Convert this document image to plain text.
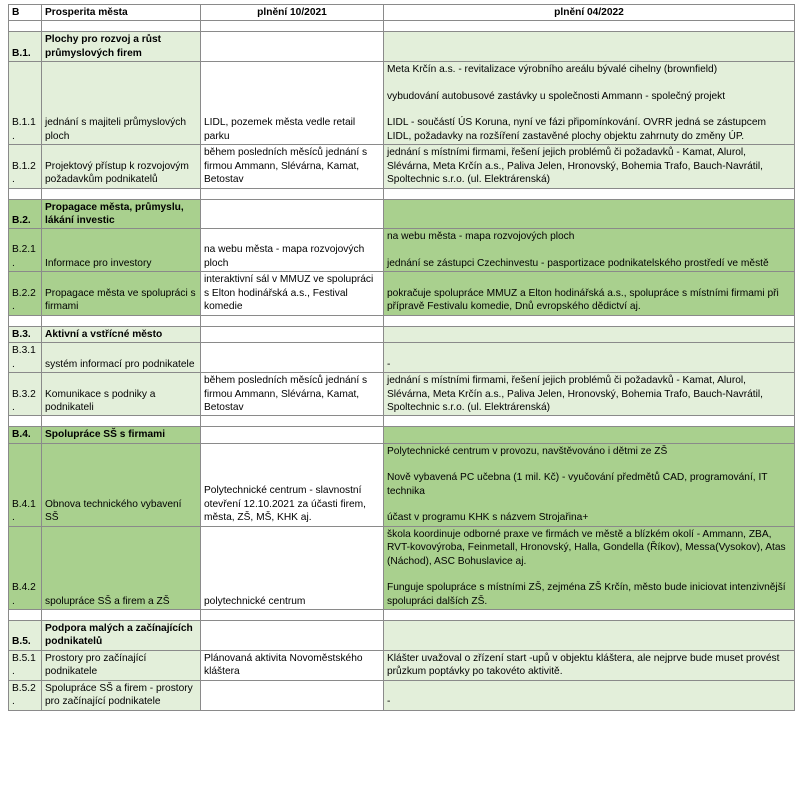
B	Prosperita města	plnění 10/2021	plnění 04/2022

B.1.	Plochy pro rozvoj a růst průmyslových firem		

B.1.1.	jednání s majiteli průmyslových ploch	LIDL, pozemek města vedle retail parku	Meta Krčín a.s. - revitalizace výrobního areálu bývalé cihelny (brownfield)

vybudování autobusové zastávky u společnosti Ammann - společný projekt

LIDL - součástí ÚS Koruna, nyní ve fázi připomínkování. OVRR jedná se zástupcem LIDL, požadavky na rozšíření zastavěné plochy objektu zahrnuty do změny ÚP.

B.1.2.	Projektový přístup k rozvojovým požadavkům podnikatelů	během posledních měsíců jednání s firmou Ammann, Slévárna, Kamat, Betostav	jednání s místními firmami, řešení jejich problémů či požadavků - Kamat, Alurol, Slévárna, Meta Krčín a.s., Paliva Jelen, Hronovský, Bohemia Trafo, Bauch-Navrátil, Spoltechnic s.r.o. (ul. Elektrárenská)

B.2.	Propagace města, průmyslu, lákání investic		

B.2.1.	Informace pro investory	na webu města - mapa rozvojových ploch	na webu města - mapa rozvojových ploch

jednání se zástupci Czechinvestu - pasportizace podnikatelského prostředí ve městě

B.2.2.	Propagace města ve spolupráci s firmami	interaktivní sál v MMUZ ve spolupráci s Elton hodinářská a.s., Festival komedie	pokračuje spolupráce MMUZ a Elton hodinářská a.s., spolupráce s místními firmami při přípravě Festivalu komedie, Dnů evropského dědictví aj.

B.3.	Aktivní a vstřícné město		

B.3.1.	systém informací pro podnikatele		-

B.3.2.	Komunikace s podniky a podnikateli	během posledních měsíců jednání s firmou Ammann, Slévárna, Kamat, Betostav	jednání s místními firmami, řešení jejich problémů či požadavků - Kamat, Alurol, Slévárna, Meta Krčín a.s., Paliva Jelen, Hronovský, Bohemia Trafo, Bauch-Navrátil, Spoltechnic s.r.o. (ul. Elektrárenská)

B.4.	Spolupráce SŠ s firmami		

B.4.1.	Obnova technického vybavení SŠ	Polytechnické centrum - slavnostní otevření 12.10.2021 za účasti firem, města, ZŠ, MŠ, KHK aj.	Polytechnické centrum v provozu, navštěvováno i dětmi ze ZŠ

Nově vybavená PC učebna (1 mil. Kč) - vyučování předmětů CAD, programování, IT technika

účast v programu KHK s názvem Strojařina+

B.4.2.	spolupráce SŠ a firem a ZŠ	polytechnické centrum	škola koordinuje odborné praxe ve firmách ve městě a blízkém okolí - Ammann, ZBA, RVT-kovovýroba, Feinmetall, Hronovský, Halla, Gondella (Říkov), Messa(Vysokov), Atas (Náchod), ASC Bohuslavice aj.

Funguje spolupráce s místními ZŠ, zejména ZŠ Krčín, město bude iniciovat intenzivnější spolupráci dalších ZŠ.

B.5.	Podpora malých a začínajících podnikatelů		

B.5.1.	Prostory pro začínající podnikatele	Plánovaná aktivita Novoměstského kláštera	Klášter uvažoval o zřízení start -upů v objektu kláštera, ale nejprve bude muset provést průzkum poptávky po takovéto aktivitě.

B.5.2.	Spolupráce SŠ a firem - prostory pro začínající podnikatele		-
